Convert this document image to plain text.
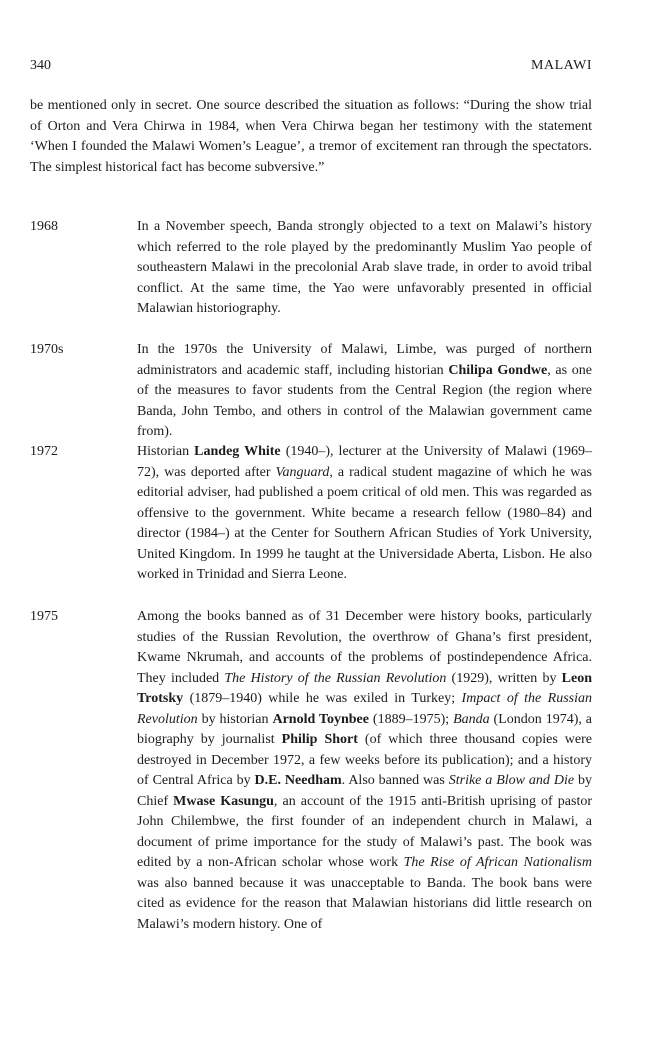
340	MALAWI

be mentioned only in secret. One source described the situation as follows: “During the show trial of Orton and Vera Chirwa in 1984, when Vera Chirwa began her testimony with the statement ‘When I founded the Malawi Women’s League’, a tremor of excitement ran through the spectators. The simplest historical fact has become subversive.”

1968	In a November speech, Banda strongly objected to a text on Malawi’s history which referred to the role played by the predominantly Muslim Yao people of southeastern Malawi in the precolonial Arab slave trade, in order to avoid tribal conflict. At the same time, the Yao were unfavorably presented in official Malawian historiography.

1970s	In the 1970s the University of Malawi, Limbe, was purged of northern administrators and academic staff, including historian Chilipa Gondwe, as one of the measures to favor students from the Central Region (the region where Banda, John Tembo, and others in control of the Malawian government came from).

1972	Historian Landeg White (1940–), lecturer at the University of Malawi (1969–72), was deported after Vanguard, a radical student magazine of which he was editorial adviser, had published a poem critical of old men. This was regarded as offensive to the government. White became a research fellow (1980–84) and director (1984–) at the Center for Southern African Studies of York University, United Kingdom. In 1999 he taught at the Universidade Aberta, Lisbon. He also worked in Trinidad and Sierra Leone.

1975	Among the books banned as of 31 December were history books, particularly studies of the Russian Revolution, the overthrow of Ghana’s first president, Kwame Nkrumah, and accounts of the problems of postindependence Africa. They included The History of the Russian Revolution (1929), written by Leon Trotsky (1879–1940) while he was exiled in Turkey; Impact of the Russian Revolution by historian Arnold Toynbee (1889–1975); Banda (London 1974), a biography by journalist Philip Short (of which three thousand copies were destroyed in December 1972, a few weeks before its publication); and a history of Central Africa by D.E. Needham. Also banned was Strike a Blow and Die by Chief Mwase Kasungu, an account of the 1915 anti-British uprising of pastor John Chilembwe, the first founder of an independent church in Malawi, a document of prime importance for the study of Malawi’s past. The book was edited by a non-African scholar whose work The Rise of African Nationalism was also banned because it was unacceptable to Banda. The book bans were cited as evidence for the reason that Malawian historians did little research on Malawi’s modern history. One of
